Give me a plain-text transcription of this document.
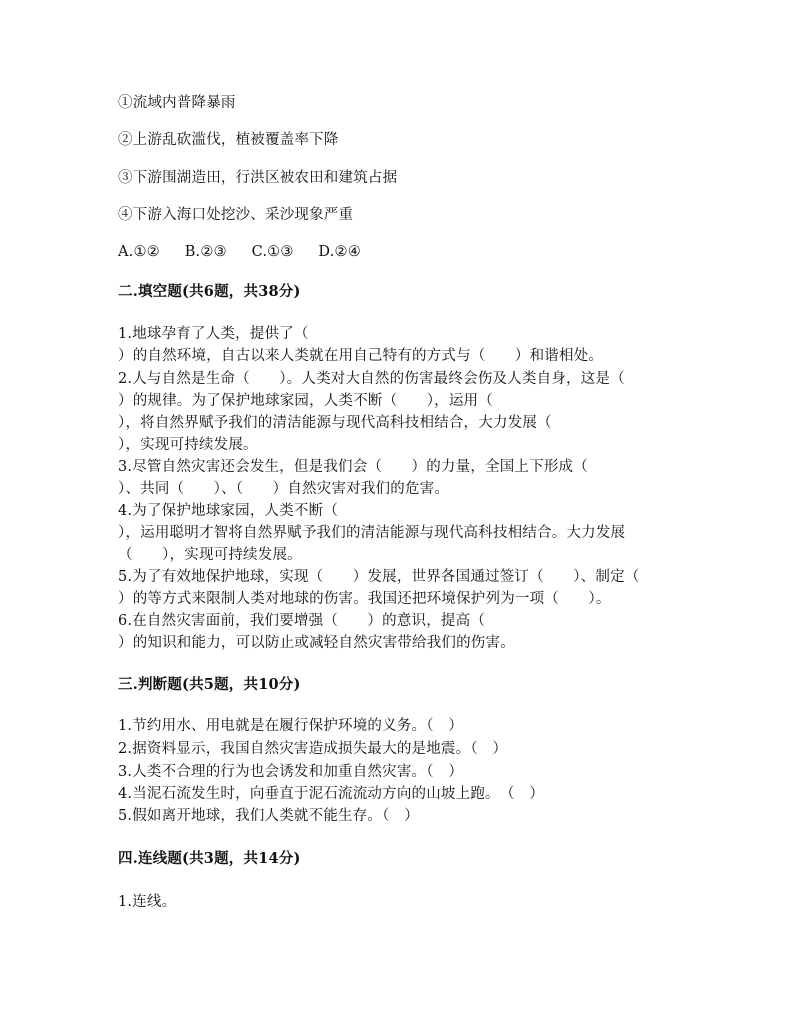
①流域内普降暴雨
②上游乱砍滥伐，植被覆盖率下降
③下游围湖造田，行洪区被农田和建筑占据
④下游入海口处挖沙、采沙现象严重
A.①② B.②③ C.①③ D.②④
二.填空题(共6题，共38分)
1.地球孕育了人类，提供了（
）的自然环境，自古以来人类就在用自己特有的方式与（　　）和谐相处。
2.人与自然是生命（　　）。人类对大自然的伤害最终会伤及人类自身，这是（
）的规律。为了保护地球家园，人类不断（　　），运用（
），将自然界赋予我们的清洁能源与现代高科技相结合，大力发展（
），实现可持续发展。
3.尽管自然灾害还会发生，但是我们会（　　）的力量，全国上下形成（
）、共同（　　）、（　　）自然灾害对我们的危害。
4.为了保护地球家园，人类不断（
），运用聪明才智将自然界赋予我们的清洁能源与现代高科技相结合。大力发展
（　　），实现可持续发展。
5.为了有效地保护地球，实现（　　）发展，世界各国通过签订（　　）、制定（
）的等方式来限制人类对地球的伤害。我国还把环境保护列为一项（　　）。
6.在自然灾害面前，我们要增强（　　）的意识，提高（
）的知识和能力，可以防止或减轻自然灾害带给我们的伤害。
三.判断题(共5题，共10分)
1.节约用水、用电就是在履行保护环境的义务。（　）
2.据资料显示，我国自然灾害造成损失最大的是地震。（　）
3.人类不合理的行为也会诱发和加重自然灾害。（　）
4.当泥石流发生时，向垂直于泥石流流动方向的山坡上跑。　（　）
5.假如离开地球，我们人类就不能生存。（　）
四.连线题(共3题，共14分)
1.连线。
